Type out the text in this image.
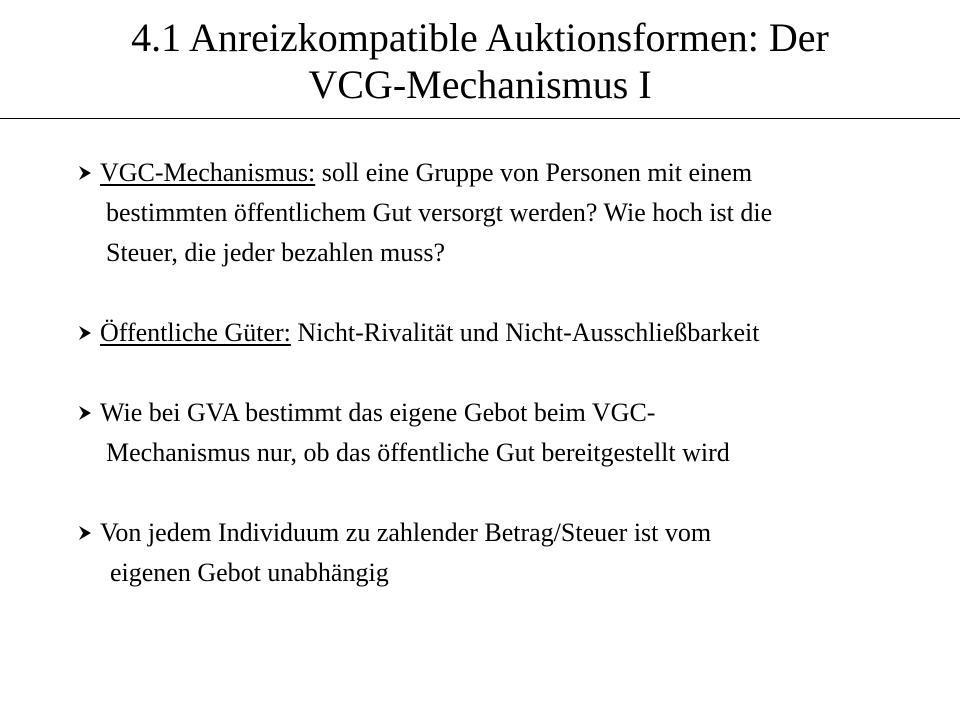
4.1 Anreizkompatible Auktionsformen: Der
VCG-Mechanismus I
VGC-Mechanismus: soll eine Gruppe von Personen mit einem
bestimmten öffentlichem Gut versorgt werden? Wie hoch ist die
Steuer, die jeder bezahlen muss?
Öffentliche Güter: Nicht-Rivalität und Nicht-Ausschließbarkeit
Wie bei GVA bestimmt das eigene Gebot beim VGC-
Mechanismus nur, ob das öffentliche Gut bereitgestellt wird
Von jedem Individuum zu zahlender Betrag/Steuer ist vom
eigenen Gebot unabhängig
